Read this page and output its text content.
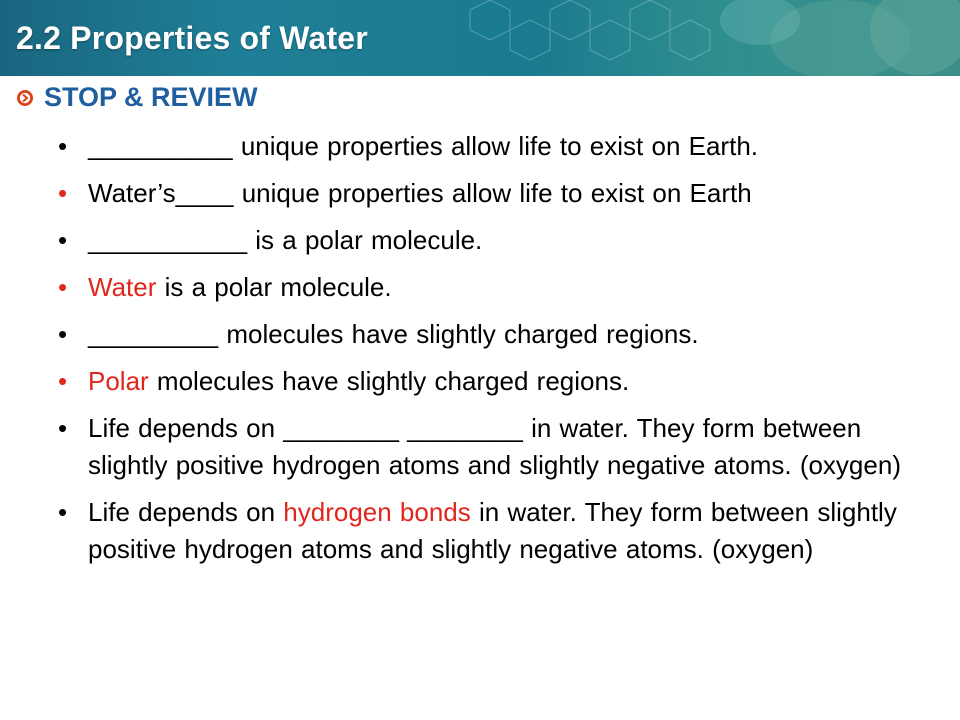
2.2 Properties of Water
STOP & REVIEW
• __________ unique properties allow life to exist on Earth.
• Water’s____ unique properties allow life to exist on Earth
• ___________ is a polar molecule.
• Water is a polar molecule.
• _________ molecules have slightly charged regions.
• Polar molecules have slightly charged regions.
• Life depends on ________ ________ in water. They form between slightly positive hydrogen atoms and slightly negative atoms. (oxygen)
• Life depends on hydrogen bonds in water. They form between slightly positive hydrogen atoms and slightly negative atoms. (oxygen)
